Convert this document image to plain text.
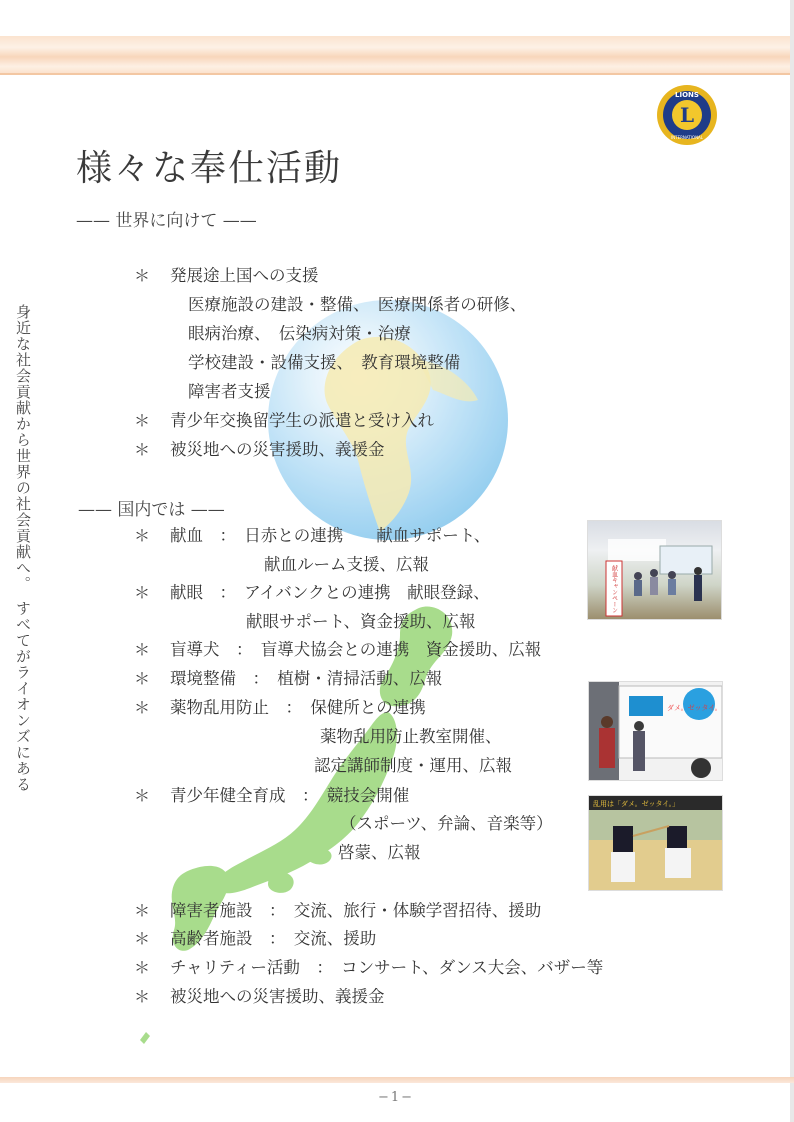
L
LIONS
INTERNATIONAL
様々な奉仕活動
—— 世界に向けて ——
身近な社会貢献から世界の社会貢献へ。　すべてがライオンズにある
＊ 発展途上国への支援
医療施設の建設・整備、　医療関係者の研修、
眼病治療、　伝染病対策・治療
学校建設・設備支援、　教育環境整備
障害者支援
＊ 青少年交換留学生の派遣と受け入れ
＊ 被災地への災害援助、義援金
—— 国内では ——
＊ 献血　：　日赤との連携　　献血サポート、
献血ルーム支援、広報
＊ 献眼　：　アイバンクとの連携　献眼登録、
献眼サポート、資金援助、広報
＊ 盲導犬　：　盲導犬協会との連携　資金援助、広報
＊ 環境整備　：　植樹・清掃活動、広報
＊ 薬物乱用防止　：　保健所との連携
薬物乱用防止教室開催、
認定講師制度・運用、広報
＊ 青少年健全育成　：　競技会開催
（スポーツ、弁論、音楽等）
啓蒙、広報
＊ 障害者施設　：　交流、旅行・体験学習招待、援助
＊ 高齢者施設　：　交流、援助
＊ チャリティー活動　：　コンサート、ダンス大会、バザー等
＊ 被災地への災害援助、義援金
献血キャンペーン
ダメ。ゼッタイ。
乱用は「ダメ。ゼッタイ。」
−1−
